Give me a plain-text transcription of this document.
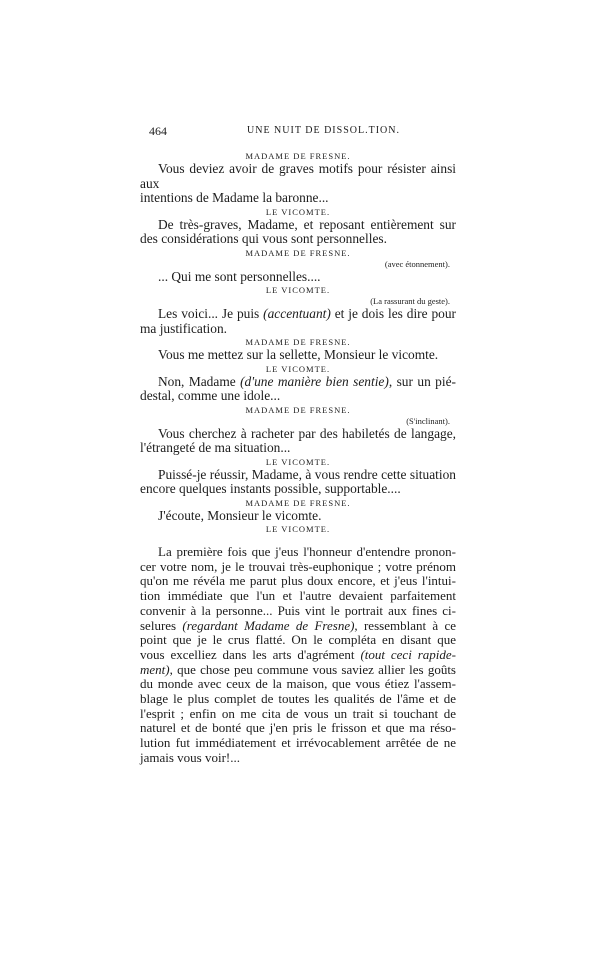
464	UNE NUIT DE DISSOL.TION.
MADAME DE FRESNE.
Vous deviez avoir de graves motifs pour résister ainsi aux
intentions de Madame la baronne...
LE VICOMTE.
De très-graves, Madame, et reposant entièrement sur
des considérations qui vous sont personnelles.
MADAME DE FRESNE.
(avec étonnement).
... Qui me sont personnelles....
LE VICOMTE.
(La rassurant du geste).
Les voici... Je puis (accentuant) et je dois les dire pour
ma justification.
MADAME DE FRESNE.
Vous me mettez sur la sellette, Monsieur le vicomte.
LE VICOMTE.
Non, Madame (d'une manière bien sentie), sur un pié-
destal, comme une idole...
MADAME DE FRESNE.
(S'inclinant).
Vous cherchez à racheter par des habiletés de langage,
l'étrangeté de ma situation...
LE VICOMTE.
Puissé-je réussir, Madame, à vous rendre cette situation
encore quelques instants possible, supportable....
MADAME DE FRESNE.
J'écoute, Monsieur le vicomte.
LE VICOMTE.
La première fois que j'eus l'honneur d'entendre pronon-
cer votre nom, je le trouvai très-euphonique ; votre prénom
qu'on me révéla me parut plus doux encore, et j'eus l'intui-
tion immédiate que l'un et l'autre devaient parfaitement
convenir à la personne... Puis vint le portrait aux fines ci-
selures (regardant Madame de Fresne), ressemblant à ce
point que je le crus flatté. On le compléta en disant que
vous excelliez dans les arts d'agrément (tout ceci rapide-
ment), que chose peu commune vous saviez allier les goûts
du monde avec ceux de la maison, que vous étiez l'assem-
blage le plus complet de toutes les qualités de l'âme et de
l'esprit ; enfin on me cita de vous un trait si touchant de
naturel et de bonté que j'en pris le frisson et que ma réso-
lution fut immédiatement et irrévocablement arrêtée de ne
jamais vous voir!...
